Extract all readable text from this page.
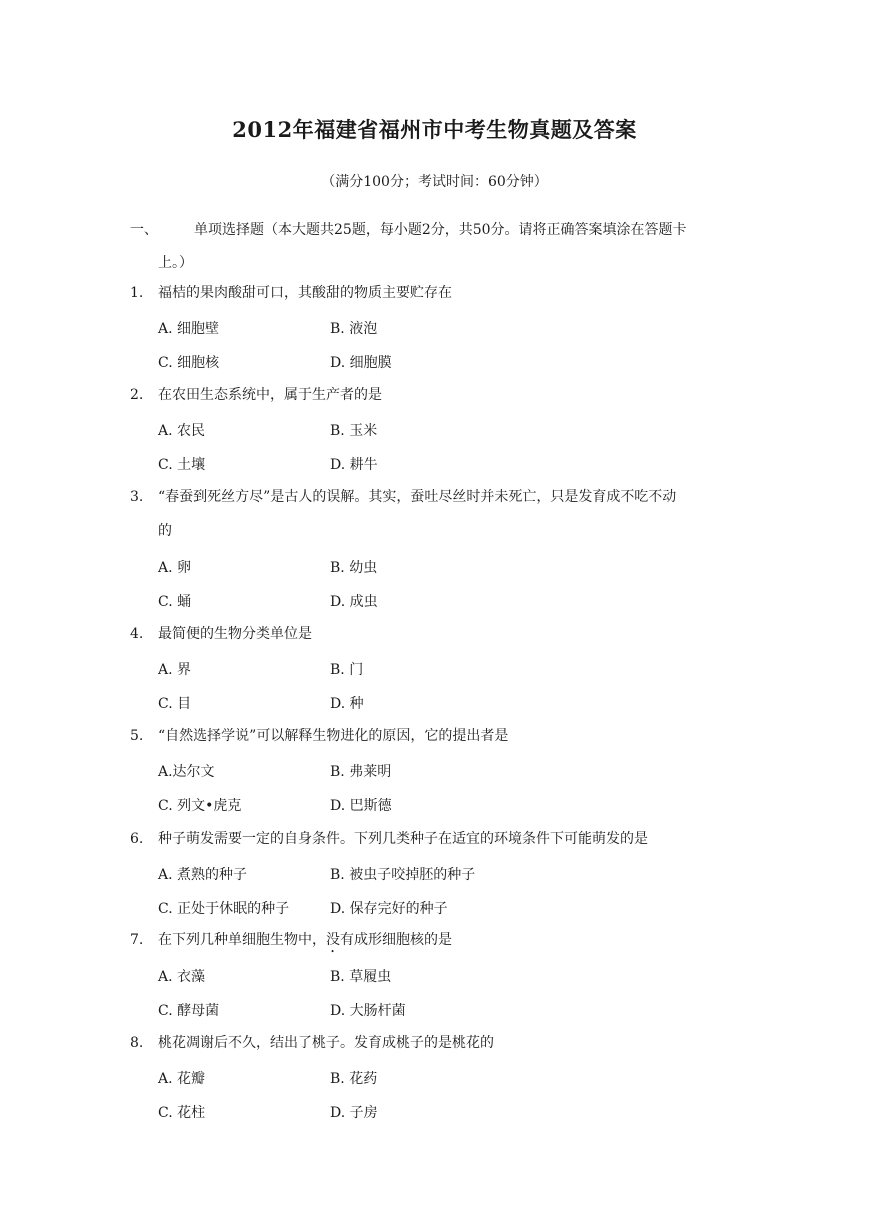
2012年福建省福州市中考生物真题及答案
（满分100分；考试时间：60分钟）
一、	单项选择题（本大题共25题，每小题2分，共50分。请将正确答案填涂在答题卡
上。）
1.	福桔的果肉酸甜可口，其酸甜的物质主要贮存在
A. 细胞壁	B. 液泡
C. 细胞核	D. 细胞膜
2.	在农田生态系统中，属于生产者的是
A. 农民	B. 玉米
C. 土壤	D. 耕牛
3.	“春蚕到死丝方尽”是古人的误解。其实，蚕吐尽丝时并未死亡，只是发育成不吃不动
的
A. 卵	B. 幼虫
C. 蛹	D. 成虫
4.	最简便的生物分类单位是
A. 界	B. 门
C. 目	D. 种
5.	“自然选择学说”可以解释生物进化的原因，它的提出者是
A.达尔文	B. 弗莱明
C. 列文•虎克	D. 巴斯德
6.	种子萌发需要一定的自身条件。下列几类种子在适宜的环境条件下可能萌发的是
A. 煮熟的种子	B. 被虫子咬掉胚的种子
C. 正处于休眠的种子	D. 保存完好的种子
7.	在下列几种单细胞生物中，没有成形细胞核的是
A. 衣藻	B. 草履虫
C. 酵母菌	D. 大肠杆菌
8.	桃花凋谢后不久，结出了桃子。发育成桃子的是桃花的
A. 花瓣	B. 花药
C. 花柱	D. 子房
